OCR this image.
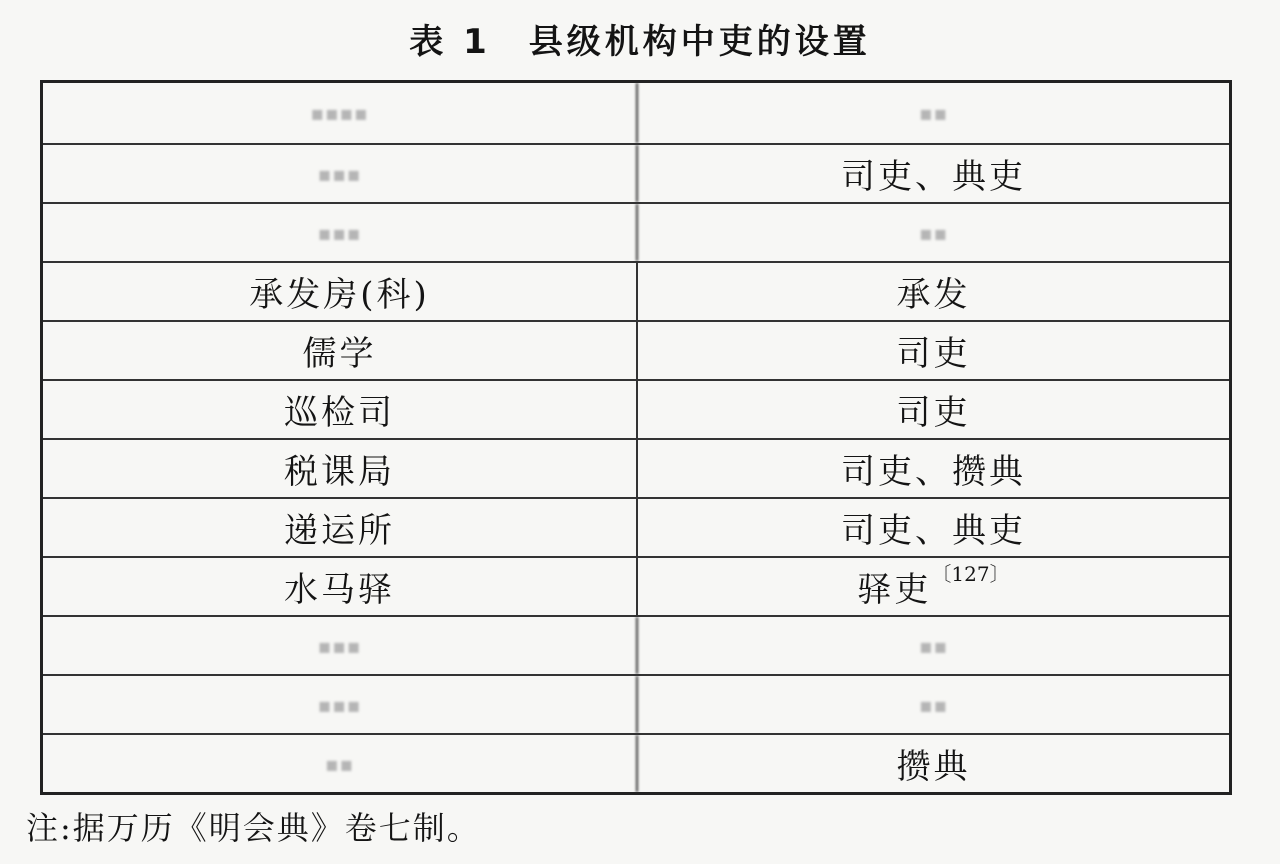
表 1　县级机构中吏的设置
▪▪▪▪	▪▪
▪▪▪	司吏、典吏
▪▪▪	▪▪
承发房(科)	承发
儒学	司吏
巡检司	司吏
税课局	司吏、攒典
递运所	司吏、典吏
水马驿	驿吏 〔127〕
▪▪▪	▪▪
▪▪▪	▪▪
▪▪	攒典
注:据万历《明会典》卷七制。
